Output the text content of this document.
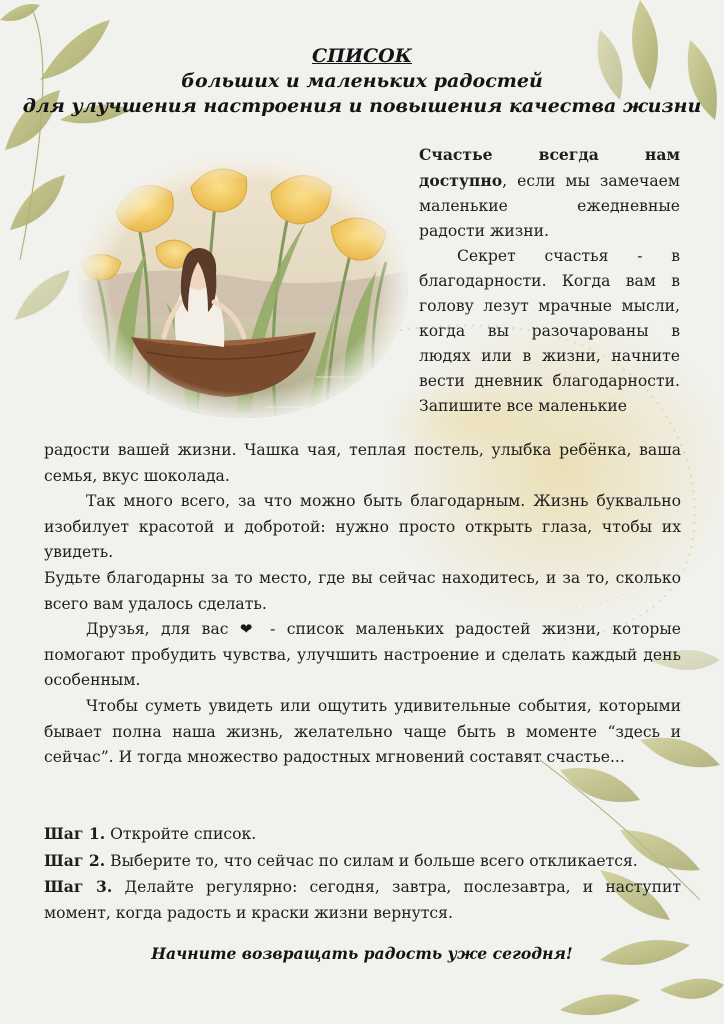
СПИСОК
больших и маленьких радостей
для улучшения настроения и повышения качества жизни

Счастье всегда нам доступно, если мы замечаем маленькие ежедневные радости жизни.

Секрет счастья - в благодарности. Когда вам в голову лезут мрачные мысли, когда вы разочарованы в людях или в жизни, начните вести дневник благодарности. Запишите все маленькие

радости вашей жизни. Чашка чая, теплая постель, улыбка ребёнка, ваша семья, вкус шоколада.

Так много всего, за что можно быть благодарным. Жизнь буквально изобилует красотой и добротой: нужно просто открыть глаза, чтобы их увидеть.

Будьте благодарны за то место, где вы сейчас находитесь, и за то, сколько всего вам удалось сделать.

Друзья, для вас ❤ - список маленьких радостей жизни, которые помогают пробудить чувства, улучшить настроение и сделать каждый день особенным.

Чтобы суметь увидеть или ощутить удивительные события, которыми бывает полна наша жизнь, желательно чаще быть в моменте “здесь и сейчас”. И тогда множество радостных мгновений составят счастье...

Шаг 1. Откройте список.

Шаг 2. Выберите то, что сейчас по силам и больше всего откликается.

Шаг 3. Делайте регулярно: сегодня, завтра, послезавтра, и наступит момент, когда радость и краски жизни вернутся.

Начните возвращать радость уже сегодня!
